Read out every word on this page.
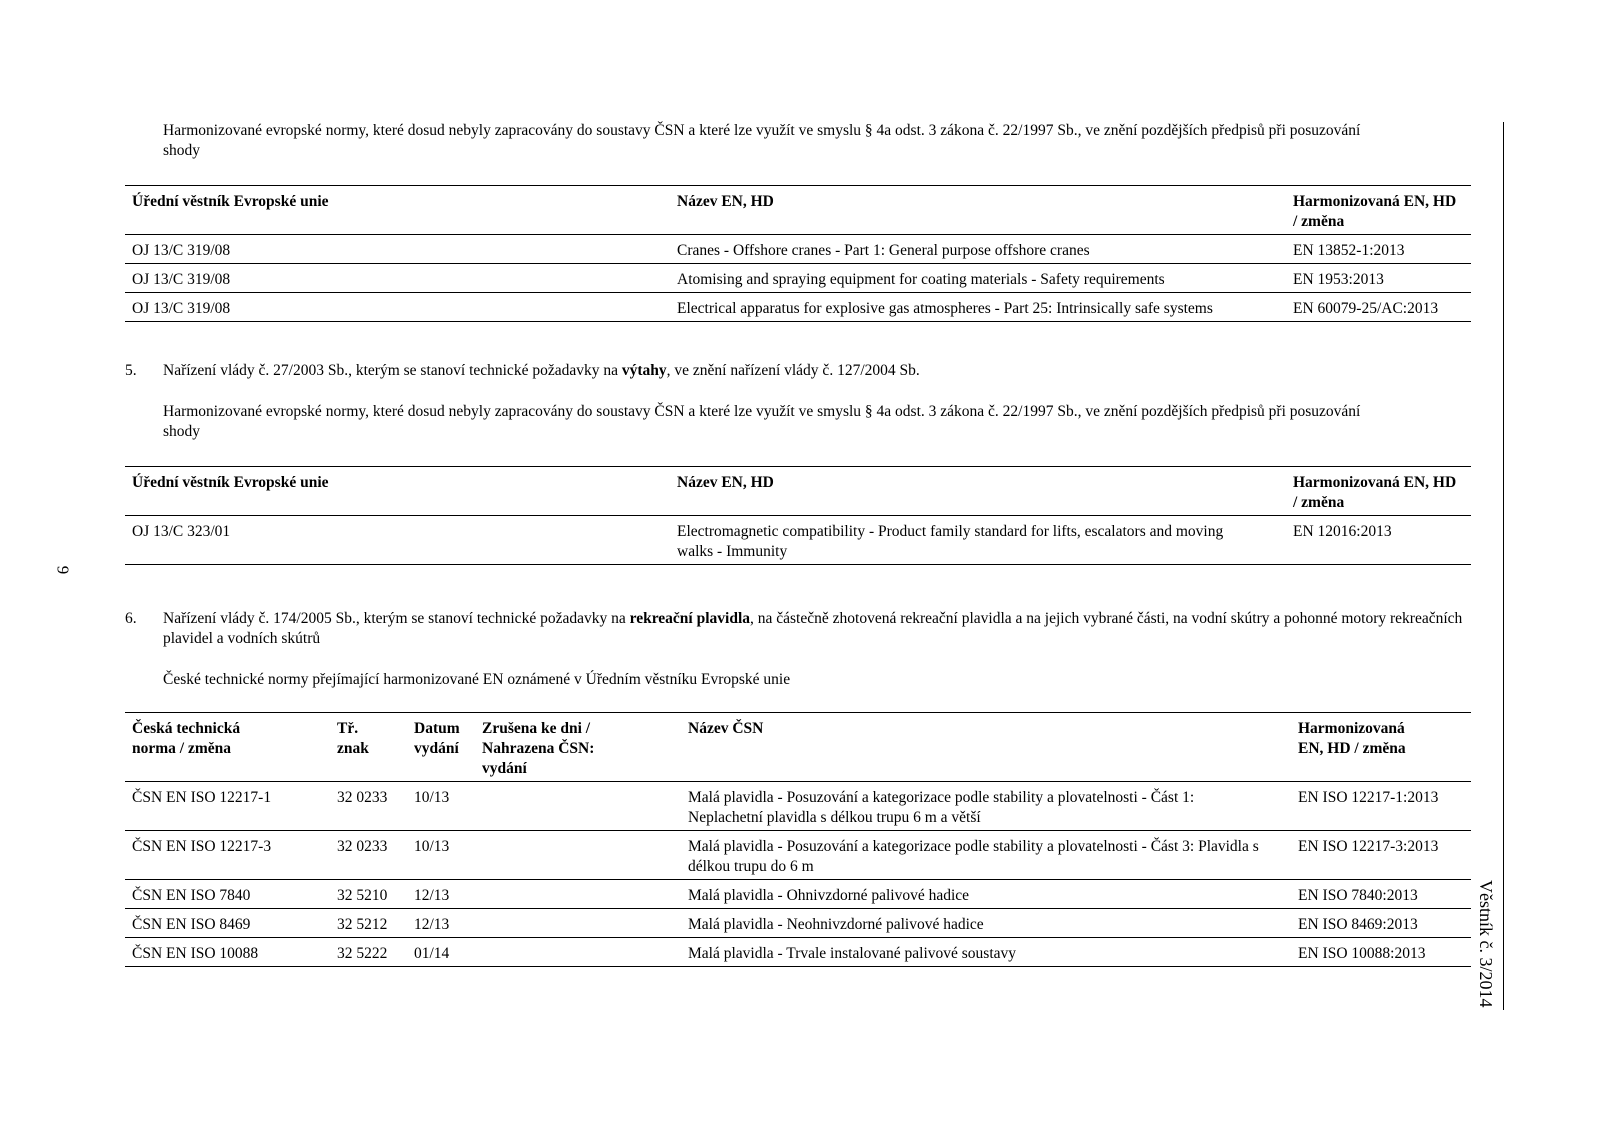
Harmonizované evropské normy, které dosud nebyly zapracovány do soustavy ČSN a které lze využít ve smyslu § 4a odst. 3 zákona č. 22/1997 Sb., ve znění pozdějších předpisů při posuzování shody
Úřední věstník Evropské unie	Název EN, HD	Harmonizovaná EN, HD / změna
OJ 13/C 319/08	Cranes - Offshore cranes - Part 1: General purpose offshore cranes	EN 13852-1:2013
OJ 13/C 319/08	Atomising and spraying equipment for coating materials - Safety requirements	EN 1953:2013
OJ 13/C 319/08	Electrical apparatus for explosive gas atmospheres - Part 25: Intrinsically safe systems	EN 60079-25/AC:2013
5. Nařízení vlády č. 27/2003 Sb., kterým se stanoví technické požadavky na výtahy, ve znění nařízení vlády č. 127/2004 Sb.
Harmonizované evropské normy, které dosud nebyly zapracovány do soustavy ČSN a které lze využít ve smyslu § 4a odst. 3 zákona č. 22/1997 Sb., ve znění pozdějších předpisů při posuzování shody
Úřední věstník Evropské unie	Název EN, HD	Harmonizovaná EN, HD / změna
OJ 13/C 323/01	Electromagnetic compatibility - Product family standard for lifts, escalators and moving walks - Immunity	EN 12016:2013
6. Nařízení vlády č. 174/2005 Sb., kterým se stanoví technické požadavky na rekreační plavidla, na částečně zhotovená rekreační plavidla a na jejich vybrané části, na vodní skútry a pohonné motory rekreačních plavidel a vodních skútrů
České technické normy přejímající harmonizované EN oznámené v Úředním věstníku Evropské unie
Česká technická norma / změna	Tř. znak	Datum vydání	Zrušena ke dni / Nahrazena ČSN: vydání	Název ČSN	Harmonizovaná EN, HD / změna
ČSN EN ISO 12217-1	32 0233	10/13		Malá plavidla - Posuzování a kategorizace podle stability a plovatelnosti - Část 1: Neplachetní plavidla s délkou trupu 6 m a větší	EN ISO 12217-1:2013
ČSN EN ISO 12217-3	32 0233	10/13		Malá plavidla - Posuzování a kategorizace podle stability a plovatelnosti - Část 3: Plavidla s délkou trupu do 6 m	EN ISO 12217-3:2013
ČSN EN ISO 7840	32 5210	12/13		Malá plavidla - Ohnivzdorné palivové hadice	EN ISO 7840:2013
ČSN EN ISO 8469	32 5212	12/13		Malá plavidla - Neohnivzdorné palivové hadice	EN ISO 8469:2013
ČSN EN ISO 10088	32 5222	01/14		Malá plavidla - Trvale instalované palivové soustavy	EN ISO 10088:2013
9
Věstník č. 3/2014
